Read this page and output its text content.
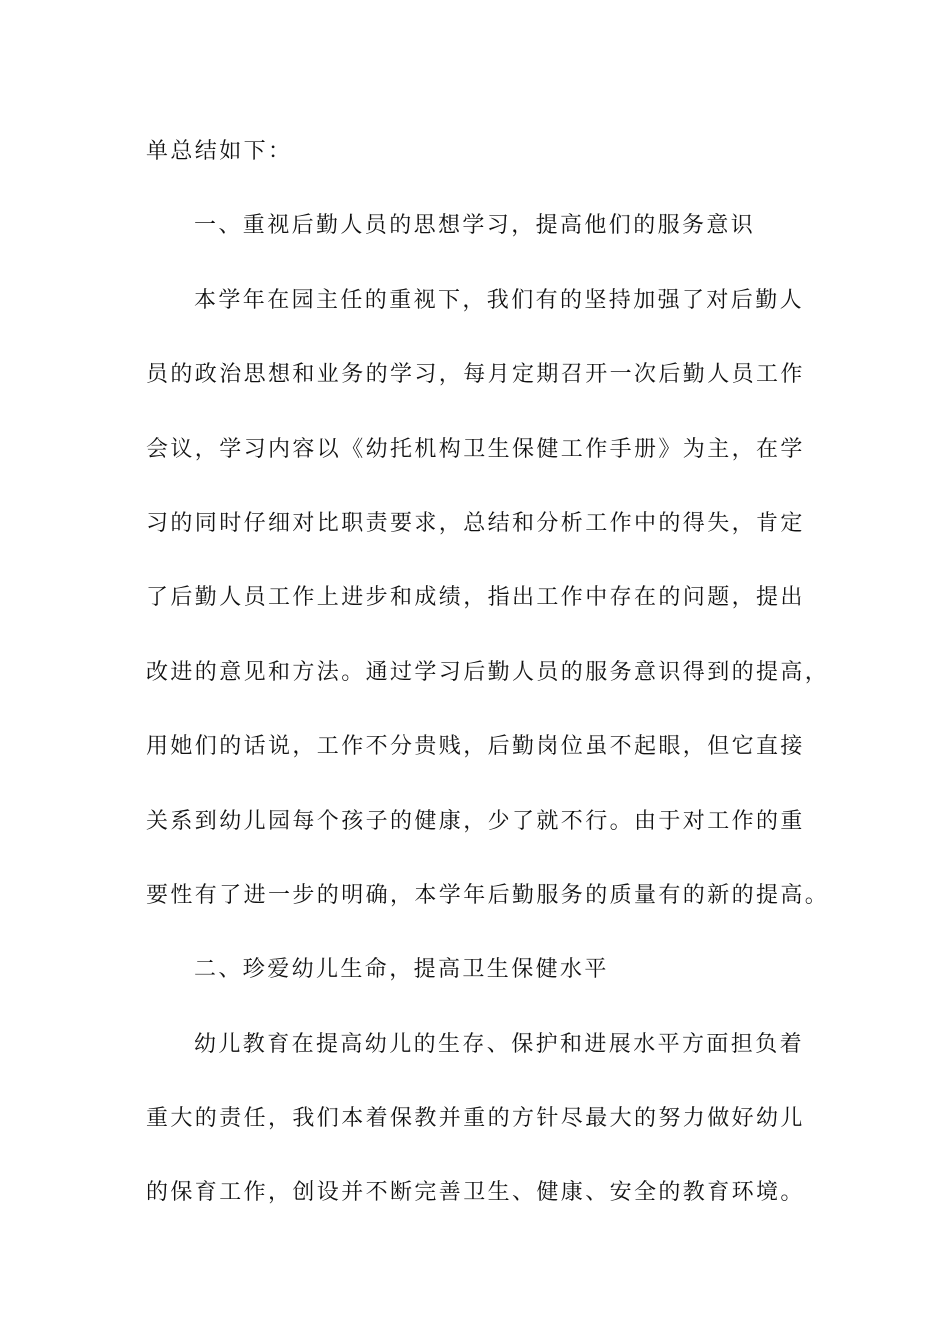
单总结如下：
一、重视后勤人员的思想学习，提高他们的服务意识
本学年在园主任的重视下，我们有的坚持加强了对后勤人
员的政治思想和业务的学习，每月定期召开一次后勤人员工作
会议，学习内容以《幼托机构卫生保健工作手册》为主，在学
习的同时仔细对比职责要求，总结和分析工作中的得失，肯定
了后勤人员工作上进步和成绩，指出工作中存在的问题，提出
改进的意见和方法。通过学习后勤人员的服务意识得到的提高，
用她们的话说，工作不分贵贱，后勤岗位虽不起眼，但它直接
关系到幼儿园每个孩子的健康，少了就不行。由于对工作的重
要性有了进一步的明确，本学年后勤服务的质量有的新的提高。
二、珍爱幼儿生命，提高卫生保健水平
幼儿教育在提高幼儿的生存、保护和进展水平方面担负着
重大的责任，我们本着保教并重的方针尽最大的努力做好幼儿
的保育工作，创设并不断完善卫生、健康、安全的教育环境。
